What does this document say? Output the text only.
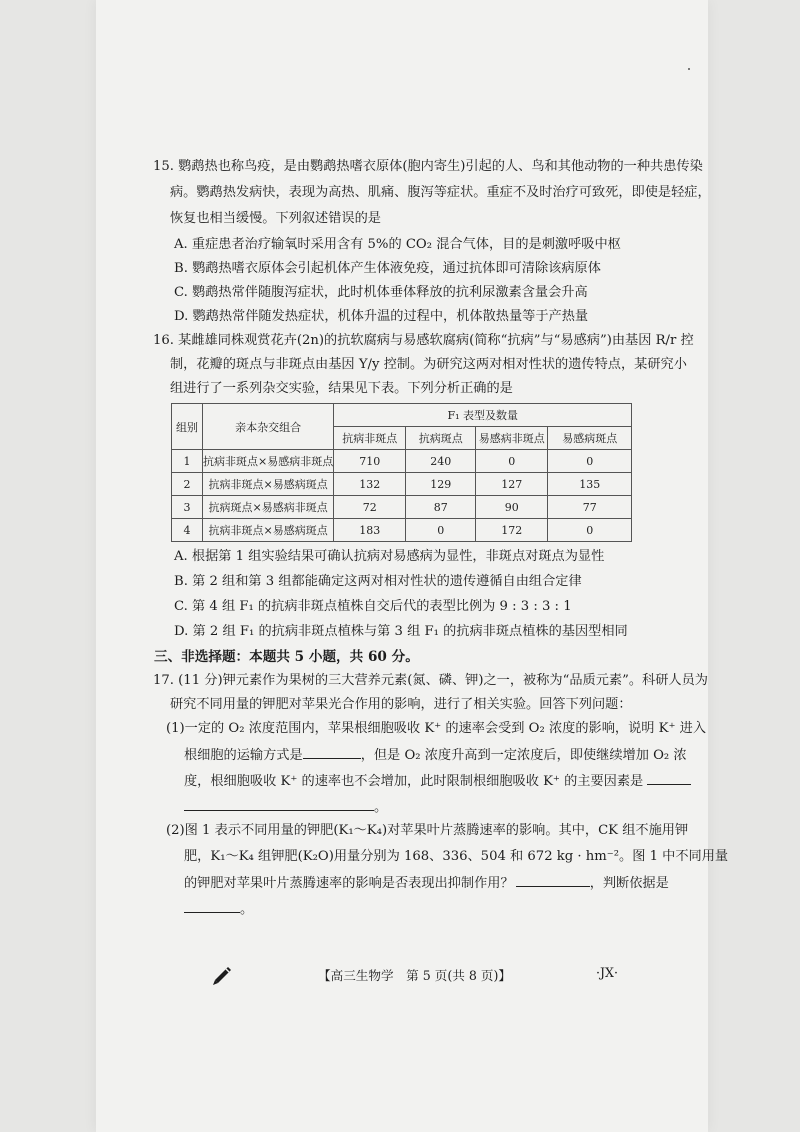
15. 鹦鹉热也称鸟疫，是由鹦鹉热嗜衣原体(胞内寄生)引起的人、鸟和其他动物的一种共患传染
病。鹦鹉热发病快，表现为高热、肌痛、腹泻等症状。重症不及时治疗可致死，即使是轻症，
恢复也相当缓慢。下列叙述错误的是
A. 重症患者治疗输氧时采用含有 5%的 CO₂ 混合气体，目的是刺激呼吸中枢
B. 鹦鹉热嗜衣原体会引起机体产生体液免疫，通过抗体即可清除该病原体
C. 鹦鹉热常伴随腹泻症状，此时机体垂体释放的抗利尿激素含量会升高
D. 鹦鹉热常伴随发热症状，机体升温的过程中，机体散热量等于产热量
16. 某雌雄同株观赏花卉(2n)的抗软腐病与易感软腐病(简称“抗病”与“易感病”)由基因 R/r 控
制，花瓣的斑点与非斑点由基因 Y/y 控制。为研究这两对相对性状的遗传特点，某研究小
组进行了一系列杂交实验，结果见下表。下列分析正确的是
组别	亲本杂交组合	F₁ 表型及数量			
		抗病非斑点	抗病斑点	易感病非斑点	易感病斑点
1	抗病非斑点×易感病非斑点	710	240	0	0
2	抗病非斑点×易感病斑点	132	129	127	135
3	抗病斑点×易感病非斑点	72	87	90	77
4	抗病非斑点×易感病斑点	183	0	172	0
A. 根据第 1 组实验结果可确认抗病对易感病为显性，非斑点对斑点为显性
B. 第 2 组和第 3 组都能确定这两对相对性状的遗传遵循自由组合定律
C. 第 4 组 F₁ 的抗病非斑点植株自交后代的表型比例为 9 : 3 : 3 : 1
D. 第 2 组 F₁ 的抗病非斑点植株与第 3 组 F₁ 的抗病非斑点植株的基因型相同
三、非选择题：本题共 5 小题，共 60 分。
17. (11 分)钾元素作为果树的三大营养元素(氮、磷、钾)之一，被称为“品质元素”。科研人员为
研究不同用量的钾肥对苹果光合作用的影响，进行了相关实验。回答下列问题：
(1)一定的 O₂ 浓度范围内，苹果根细胞吸收 K⁺ 的速率会受到 O₂ 浓度的影响，说明 K⁺ 进入
根细胞的运输方式是	，但是 O₂ 浓度升高到一定浓度后，即使继续增加 O₂ 浓
度，根细胞吸收 K⁺ 的速率也不会增加，此时限制根细胞吸收 K⁺ 的主要因素是
。
(2)图 1 表示不同用量的钾肥(K₁～K₄)对苹果叶片蒸腾速率的影响。其中，CK 组不施用钾
肥，K₁～K₄ 组钾肥(K₂O)用量分别为 168、336、504 和 672 kg · hm⁻²。图 1 中不同用量
的钾肥对苹果叶片蒸腾速率的影响是否表现出抑制作用？	，判断依据是
。
【高三生物学　第 5 页(共 8 页)】	·JX·
